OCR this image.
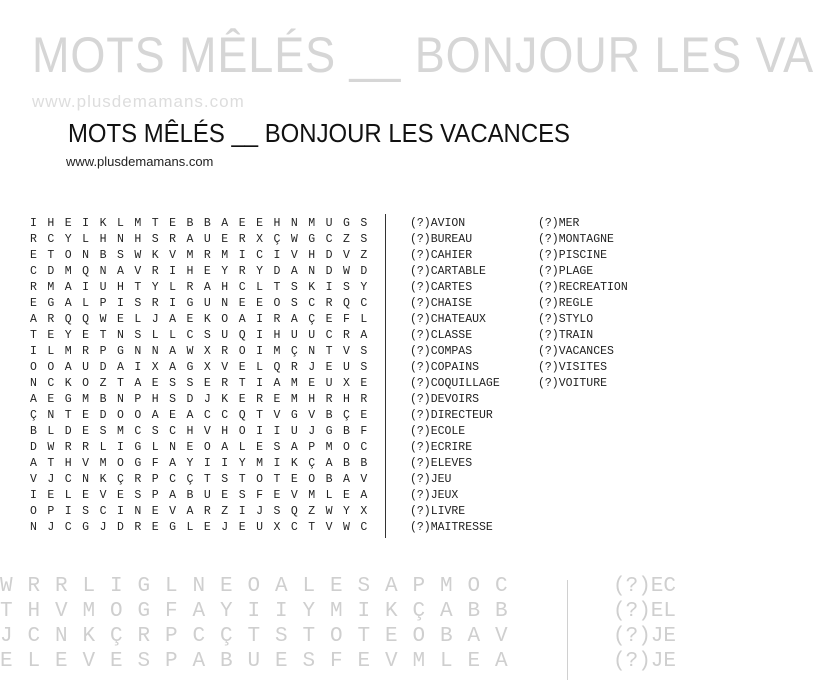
MOTS MÊLÉS __ BONJOUR LES VA
www.plusdemamans.com
W R R L I G L N E O A L E S A P M O C
T H V M O G F A Y I I Y M I K Ç A B B
J C N K Ç R P C Ç T S T O T E O B A V
E L E V E S P A B U E S F E V M L E A
(?)EC
(?)EL
(?)JE
(?)JE
MOTS MÊLÉS __ BONJOUR LES VACANCES
www.plusdemamans.com
I H E I K L M T E B B A E E H N M U G S
R C Y L H N H S R A U E R X Ç W G C Z S
E T O N B S W K V M R M I C I V H D V Z
C D M Q N A V R I H E Y R Y D A N D W D
R M A I U H T Y L R A H C L T S K I S Y
E G A L P I S R I G U N E E O S C R Q C
A R Q Q W E L J A E K O A I R A Ç E F L
T E Y E T N S L L C S U Q I H U U C R A
I L M R P G N N A W X R O I M Ç N T V S
O O A U D A I X A G X V E L Q R J E U S
N C K O Z T A E S S E R T I A M E U X E
A E G M B N P H S D J K E R E M H R H R
Ç N T E D O O A E A C C Q T V G V B Ç E
B L D E S M C S C H V H O I I U J G B F
D W R R L I G L N E O A L E S A P M O C
A T H V M O G F A Y I I Y M I K Ç A B B
V J C N K Ç R P C Ç T S T O T E O B A V
I E L E V E S P A B U E S F E V M L E A
O P I S C I N E V A R Z I J S Q Z W Y X
N J C G J D R E G L E J E U X C T V W C
(?)AVION
(?)BUREAU
(?)CAHIER
(?)CARTABLE
(?)CARTES
(?)CHAISE
(?)CHATEAUX
(?)CLASSE
(?)COMPAS
(?)COPAINS
(?)COQUILLAGE
(?)DEVOIRS
(?)DIRECTEUR
(?)ECOLE
(?)ECRIRE
(?)ELEVES
(?)JEU
(?)JEUX
(?)LIVRE
(?)MAITRESSE
(?)MER
(?)MONTAGNE
(?)PISCINE
(?)PLAGE
(?)RECREATION
(?)REGLE
(?)STYLO
(?)TRAIN
(?)VACANCES
(?)VISITES
(?)VOITURE
